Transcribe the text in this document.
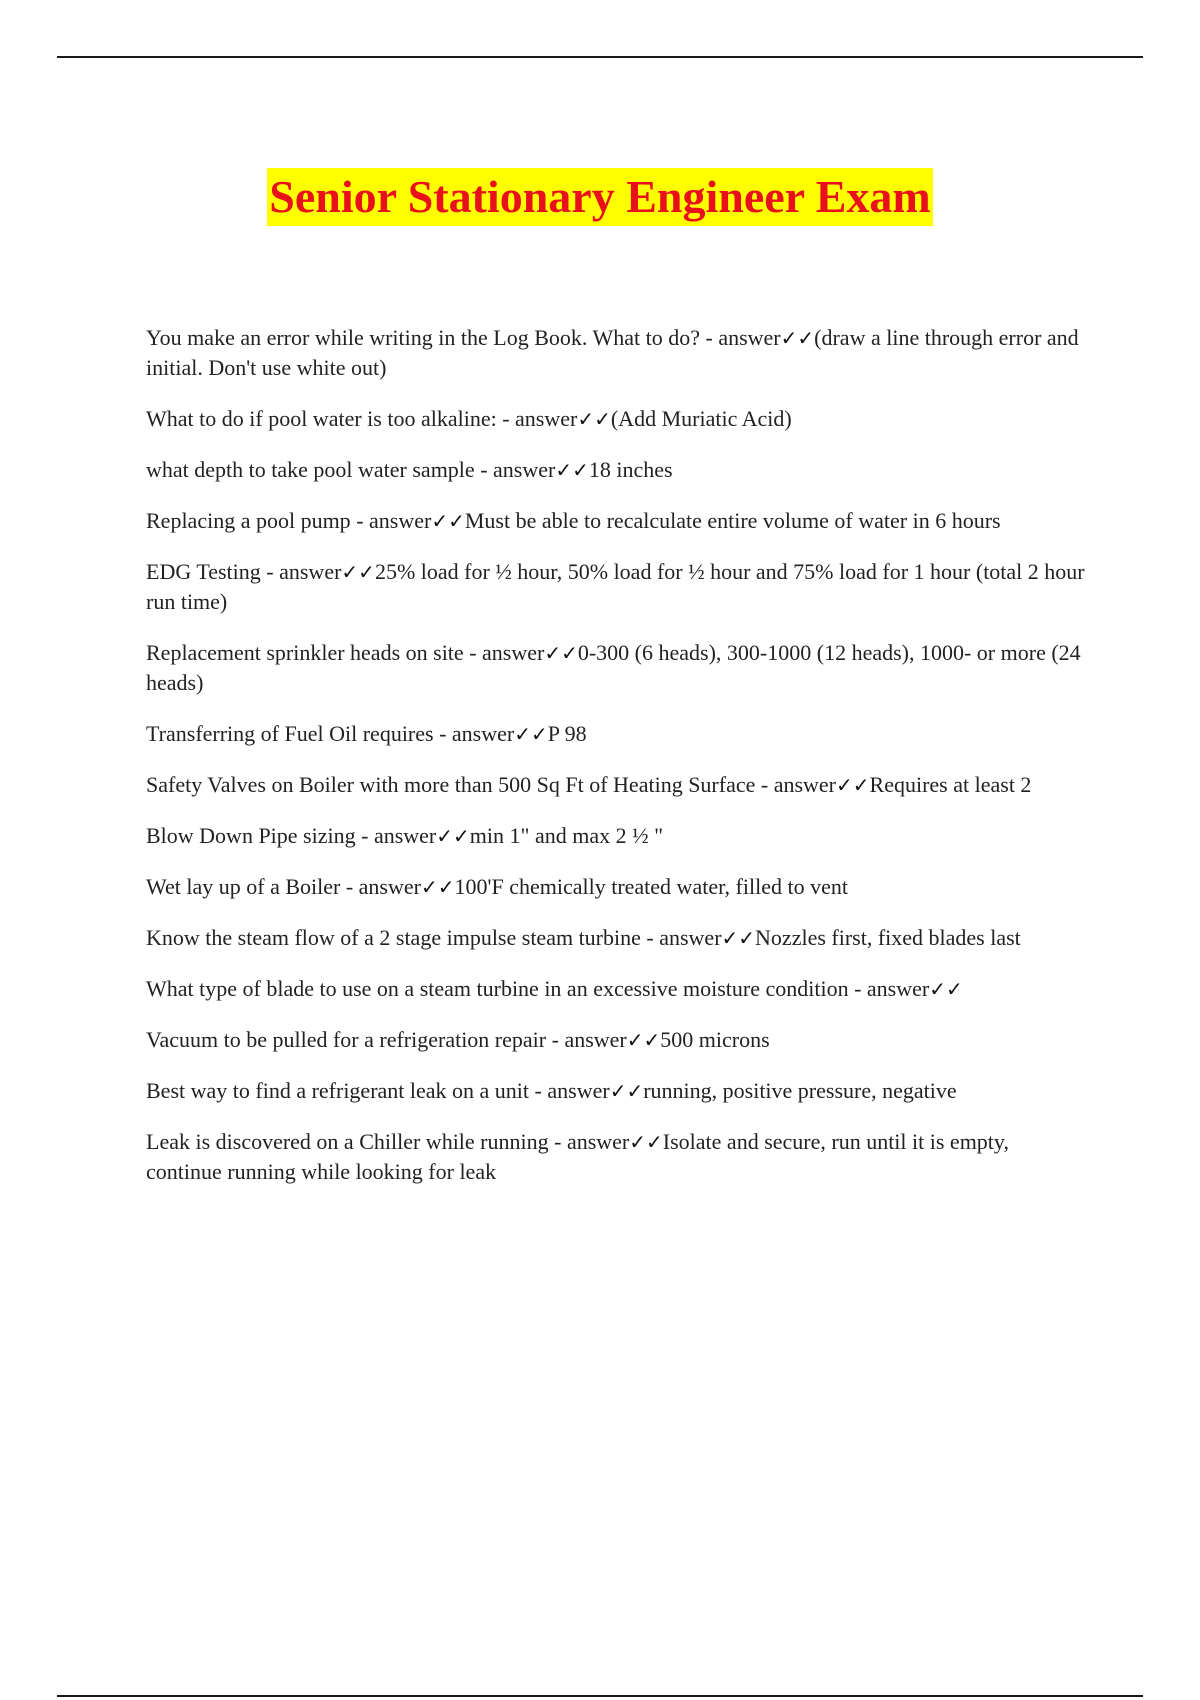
Senior Stationary Engineer Exam
You make an error while writing in the Log Book. What to do? - answer✓✓(draw a line through error and initial. Don't use white out)
What to do if pool water is too alkaline: - answer✓✓(Add Muriatic Acid)
what depth to take pool water sample - answer✓✓18 inches
Replacing a pool pump - answer✓✓Must be able to recalculate entire volume of water in 6 hours
EDG Testing - answer✓✓25% load for ½ hour, 50% load for ½ hour and 75% load for 1 hour (total 2 hour run time)
Replacement sprinkler heads on site - answer✓✓0-300 (6 heads), 300-1000 (12 heads), 1000- or more (24 heads)
Transferring of Fuel Oil requires - answer✓✓P 98
Safety Valves on Boiler with more than 500 Sq Ft of Heating Surface - answer✓✓Requires at least 2
Blow Down Pipe sizing - answer✓✓min 1" and max 2 ½ "
Wet lay up of a Boiler - answer✓✓100'F chemically treated water, filled to vent
Know the steam flow of a 2 stage impulse steam turbine - answer✓✓Nozzles first, fixed blades last
What type of blade to use on a steam turbine in an excessive moisture condition - answer✓✓
Vacuum to be pulled for a refrigeration repair - answer✓✓500 microns
Best way to find a refrigerant leak on a unit - answer✓✓running, positive pressure, negative
Leak is discovered on a Chiller while running - answer✓✓Isolate and secure, run until it is empty, continue running while looking for leak
